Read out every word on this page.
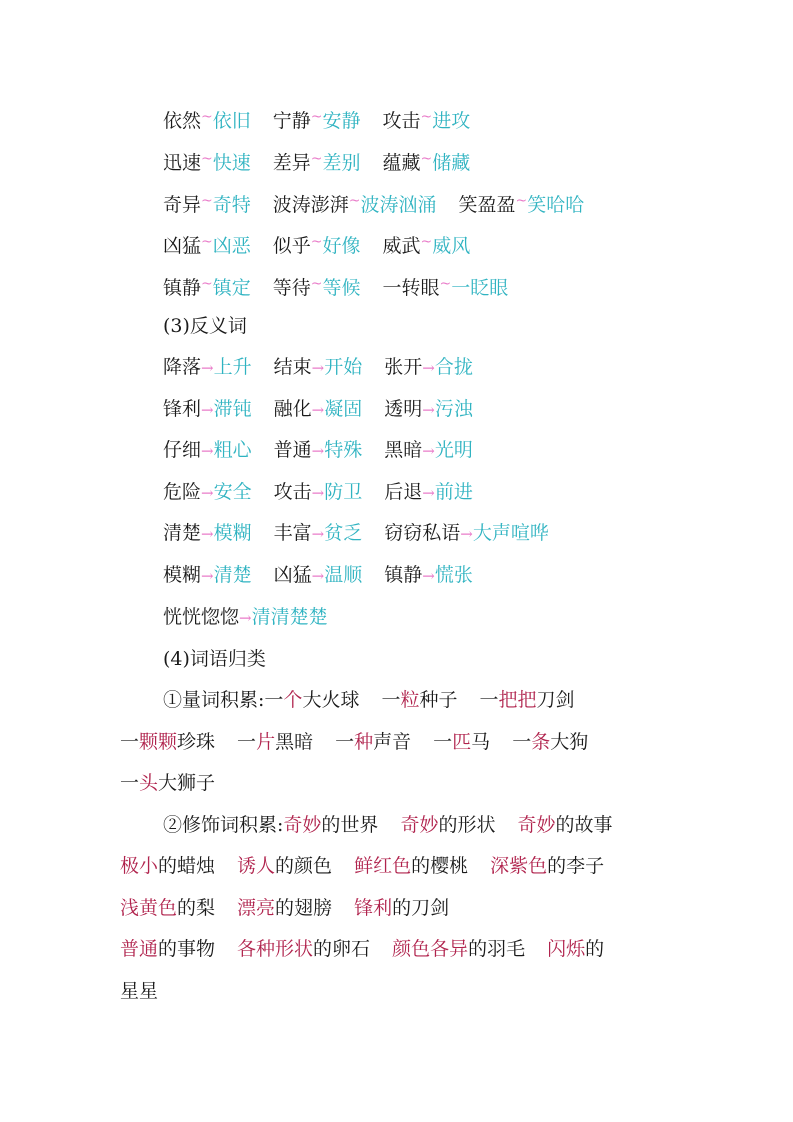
依然~依旧 宁静~安静 攻击~进攻
迅速~快速 差异~差别 蕴藏~储藏
奇异~奇特 波涛澎湃~波涛汹涌 笑盈盈~笑哈哈
凶猛~凶恶 似乎~好像 威武~威风
镇静~镇定 等待~等候 一转眼~一眨眼
(3)反义词
降落→上升 结束→开始 张开→合拢
锋利→滞钝 融化→凝固 透明→污浊
仔细→粗心 普通→特殊 黑暗→光明
危险→安全 攻击→防卫 后退→前进
清楚→模糊 丰富→贫乏 窃窃私语→大声喧哗
模糊→清楚 凶猛→温顺 镇静→慌张
恍恍惚惚→清清楚楚
(4)词语归类
①量词积累:一个大火球 一粒种子 一把把刀剑
一颗颗珍珠 一片黑暗 一种声音 一匹马 一条大狗
一头大狮子
②修饰词积累:奇妙的世界 奇妙的形状 奇妙的故事
极小的蜡烛 诱人的颜色 鲜红色的樱桃 深紫色的李子
浅黄色的梨 漂亮的翅膀 锋利的刀剑
普通的事物 各种形状的卵石 颜色各异的羽毛 闪烁的
星星
